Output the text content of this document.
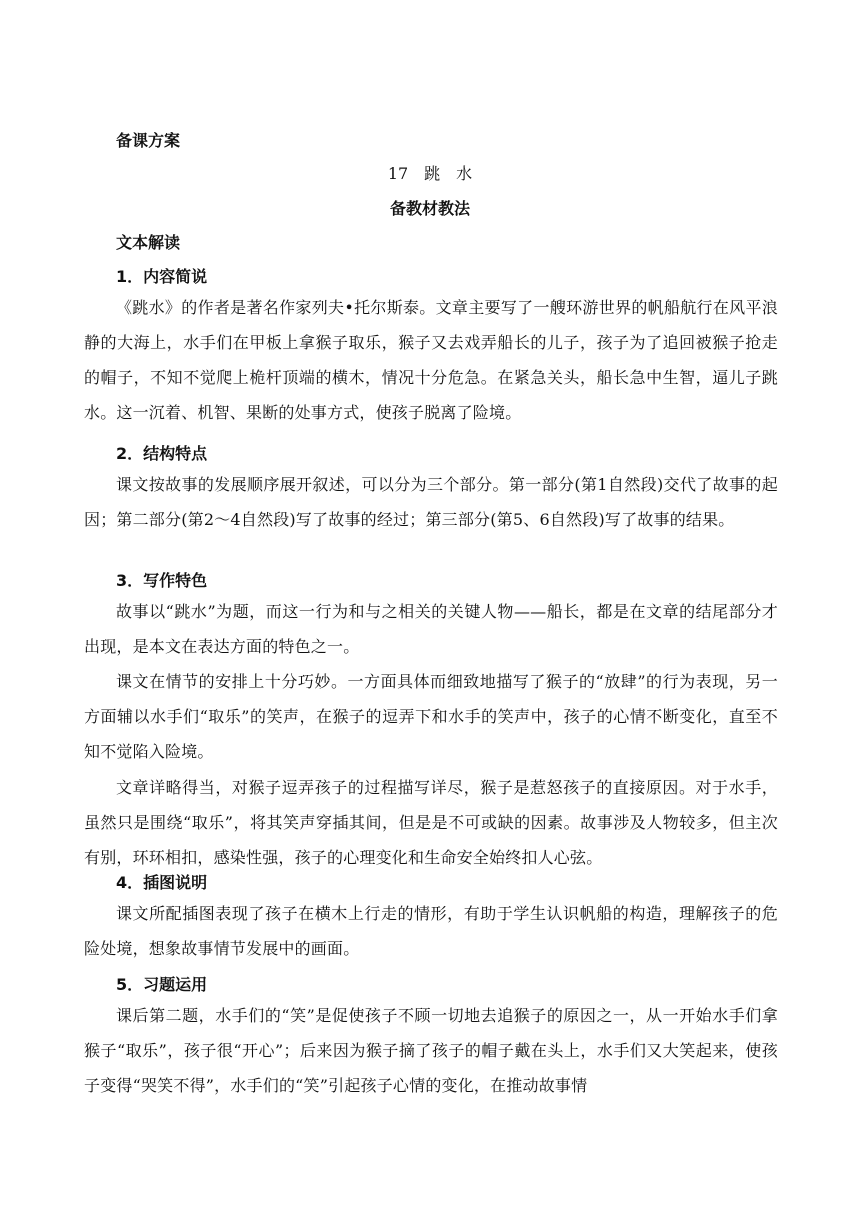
备课方案
17　跳　水
备教材教法
文本解读
1．内容简说

《跳水》的作者是著名作家列夫•托尔斯泰。文章主要写了一艘环游世界的帆船航行在风平浪静的大海上，水手们在甲板上拿猴子取乐，猴子又去戏弄船长的儿子，孩子为了追回被猴子抢走的帽子，不知不觉爬上桅杆顶端的横木，情况十分危急。在紧急关头，船长急中生智，逼儿子跳水。这一沉着、机智、果断的处事方式，使孩子脱离了险境。

2．结构特点

课文按故事的发展顺序展开叙述，可以分为三个部分。第一部分(第1自然段)交代了故事的起因；第二部分(第2～4自然段)写了故事的经过；第三部分(第5、6自然段)写了故事的结果。

3．写作特色

故事以“跳水”为题，而这一行为和与之相关的关键人物——船长，都是在文章的结尾部分才出现，是本文在表达方面的特色之一。

课文在情节的安排上十分巧妙。一方面具体而细致地描写了猴子的“放肆”的行为表现，另一方面辅以水手们“取乐”的笑声，在猴子的逗弄下和水手的笑声中，孩子的心情不断变化，直至不知不觉陷入险境。

文章详略得当，对猴子逗弄孩子的过程描写详尽，猴子是惹怒孩子的直接原因。对于水手，虽然只是围绕“取乐”，将其笑声穿插其间，但是是不可或缺的因素。故事涉及人物较多，但主次有别，环环相扣，感染性强，孩子的心理变化和生命安全始终扣人心弦。

4．插图说明

课文所配插图表现了孩子在横木上行走的情形，有助于学生认识帆船的构造，理解孩子的危险处境，想象故事情节发展中的画面。

5．习题运用

课后第二题，水手们的“笑”是促使孩子不顾一切地去追猴子的原因之一，从一开始水手们拿猴子“取乐”，孩子很“开心”；后来因为猴子摘了孩子的帽子戴在头上，水手们又大笑起来，使孩子变得“哭笑不得”，水手们的“笑”引起孩子心情的变化，在推动故事情
